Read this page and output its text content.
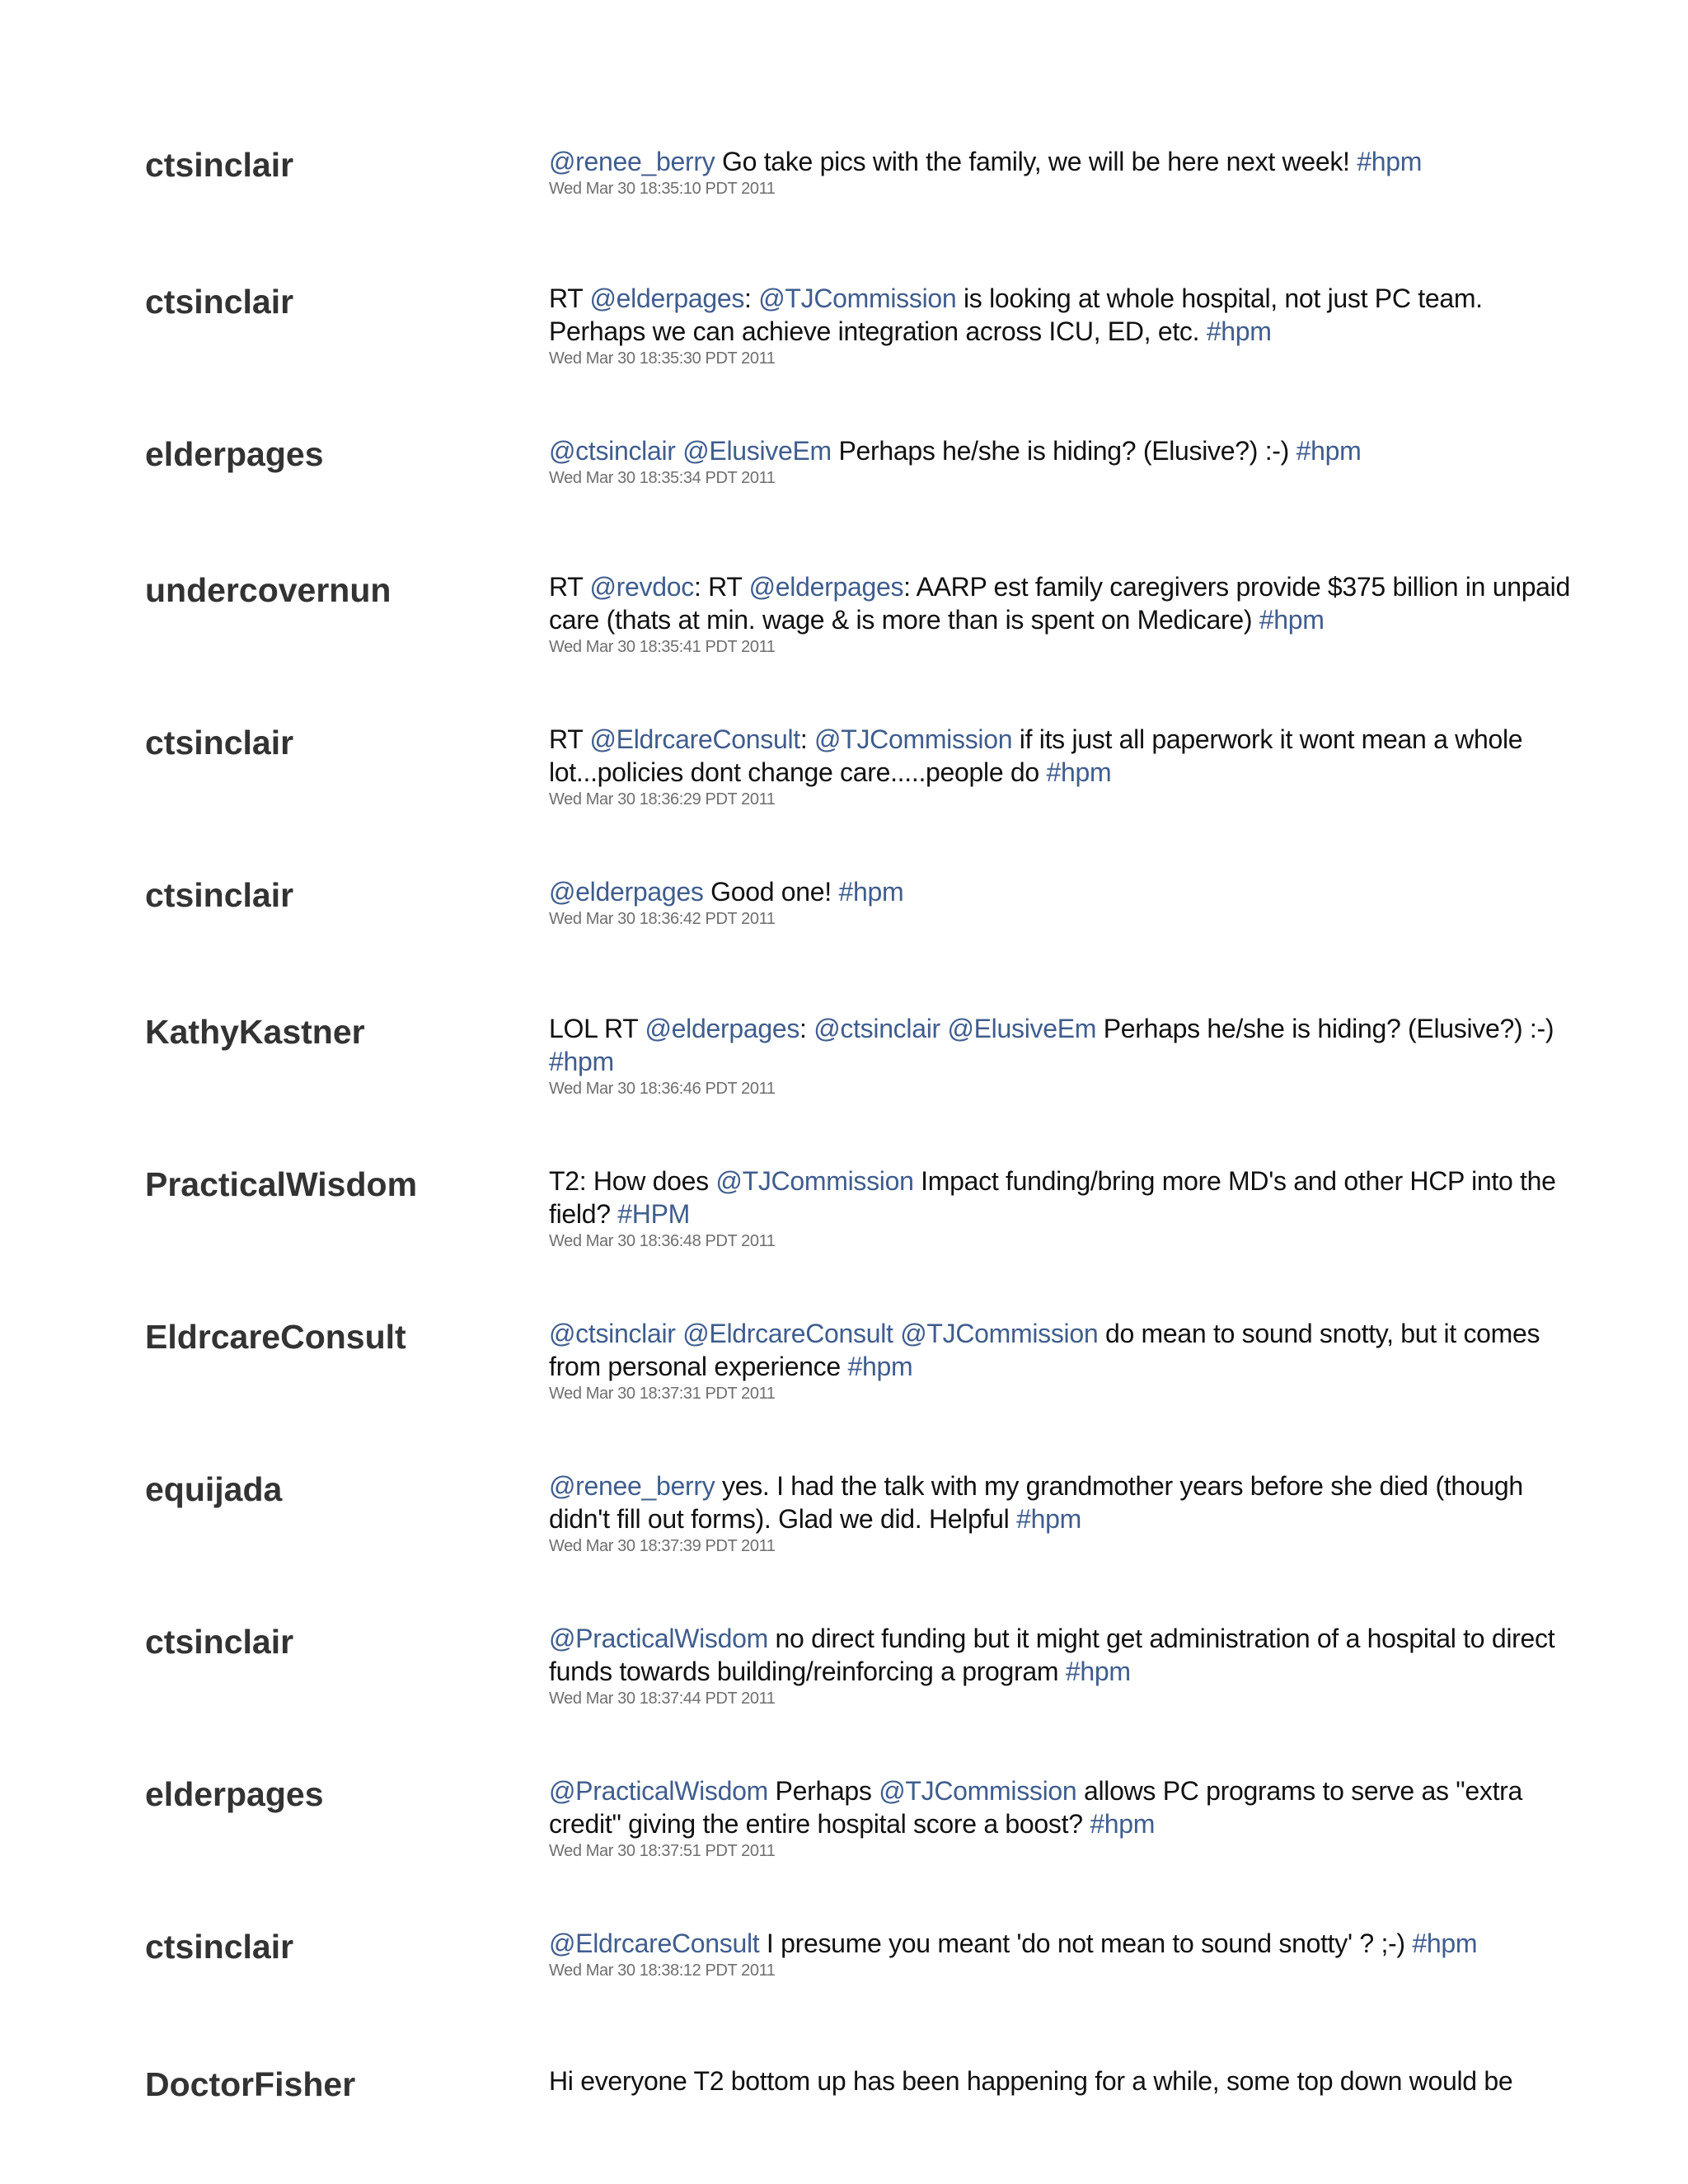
ctsinclair	@renee_berry Go take pics with the family, we will be here next week! #hpm
Wed Mar 30 18:35:10 PDT 2011
ctsinclair	RT @elderpages: @TJCommission is looking at whole hospital, not just PC team. Perhaps we can achieve integration across ICU, ED, etc. #hpm
Wed Mar 30 18:35:30 PDT 2011
elderpages	@ctsinclair @ElusiveEm Perhaps he/she is hiding? (Elusive?) :-) #hpm
Wed Mar 30 18:35:34 PDT 2011
undercovernun	RT @revdoc: RT @elderpages: AARP est family caregivers provide $375 billion in unpaid care (thats at min. wage & is more than is spent on Medicare) #hpm
Wed Mar 30 18:35:41 PDT 2011
ctsinclair	RT @EldrcareConsult: @TJCommission if its just all paperwork it wont mean a whole lot...policies dont change care.....people do #hpm
Wed Mar 30 18:36:29 PDT 2011
ctsinclair	@elderpages Good one! #hpm
Wed Mar 30 18:36:42 PDT 2011
KathyKastner	LOL RT @elderpages: @ctsinclair @ElusiveEm Perhaps he/she is hiding? (Elusive?) :-) #hpm
Wed Mar 30 18:36:46 PDT 2011
PracticalWisdom	T2: How does @TJCommission Impact funding/bring more MD's and other HCP into the field? #HPM
Wed Mar 30 18:36:48 PDT 2011
EldrcareConsult	@ctsinclair @EldrcareConsult @TJCommission do mean to sound snotty, but it comes from personal experience #hpm
Wed Mar 30 18:37:31 PDT 2011
equijada	@renee_berry yes. I had the talk with my grandmother years before she died (though didn't fill out forms). Glad we did. Helpful #hpm
Wed Mar 30 18:37:39 PDT 2011
ctsinclair	@PracticalWisdom no direct funding but it might get administration of a hospital to direct funds towards building/reinforcing a program #hpm
Wed Mar 30 18:37:44 PDT 2011
elderpages	@PracticalWisdom Perhaps @TJCommission allows PC programs to serve as "extra credit" giving the entire hospital score a boost? #hpm
Wed Mar 30 18:37:51 PDT 2011
ctsinclair	@EldrcareConsult I presume you meant 'do not mean to sound snotty' ? ;-) #hpm
Wed Mar 30 18:38:12 PDT 2011
DoctorFisher	Hi everyone T2 bottom up has been happening for a while, some top down would be
